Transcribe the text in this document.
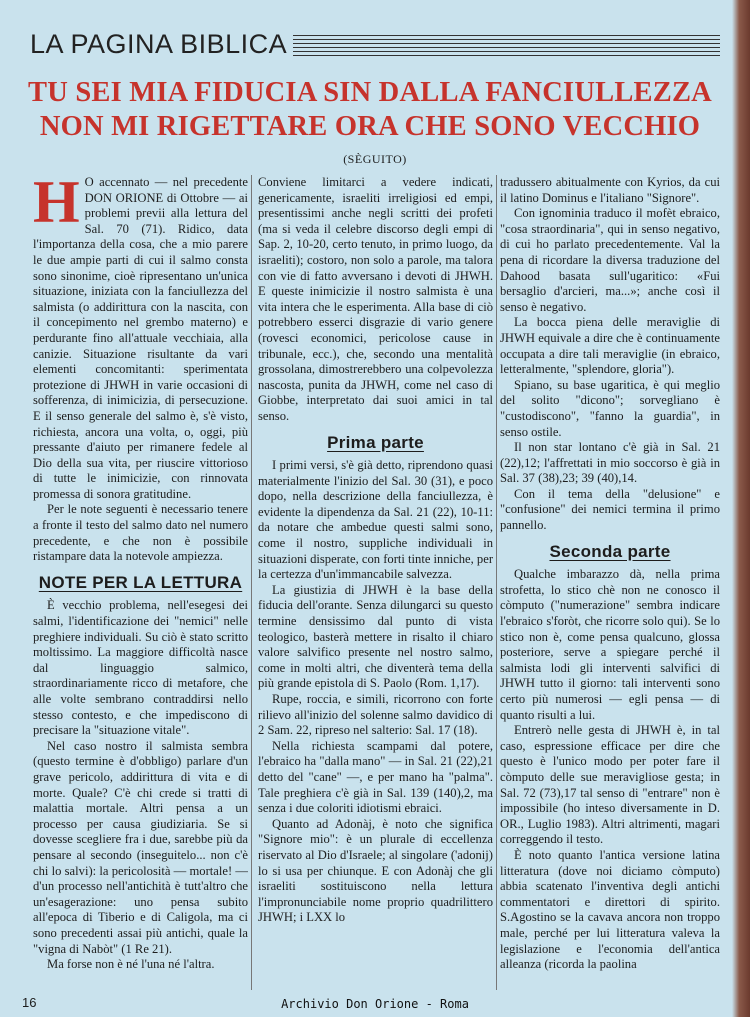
LA PAGINA BIBLICA
TU SEI MIA FIDUCIA SIN DALLA FANCIULLEZZA
NON MI RIGETTARE ORA CHE SONO VECCHIO
(SÈGUITO)

H O accennato — nel precedente DON ORIONE di Ottobre — ai problemi previi alla lettura del Sal. 70 (71). Ridico, data l'importanza della cosa, che a mio parere le due ampie parti di cui il salmo consta sono sinonime, cioè ripresentano un'unica situazione, iniziata con la fanciullezza del salmista (o addirittura con la nascita, con il concepimento nel grembo materno) e perdurante fino all'attuale vecchiaia, alla canizie. Situazione risultante da vari elementi concomitanti: sperimentata protezione di JHWH in varie occasioni di sofferenza, di inimicizia, di persecuzione. E il senso generale del salmo è, s'è visto, richiesta, ancora una volta, o, oggi, più pressante d'aiuto per rimanere fedele al Dio della sua vita, per riuscire vittorioso di tutte le inimicizie, con rinnovata promessa di sonora gratitudine.

Per le note seguenti è necessario tenere a fronte il testo del salmo dato nel numero precedente, e che non è possibile ristampare data la notevole ampiezza.

NOTE PER LA LETTURA

È vecchio problema, nell'esegesi dei salmi, l'identificazione dei "nemici" nelle preghiere individuali. Su ciò è stato scritto moltissimo. La maggiore difficoltà nasce dal linguaggio salmico, straordinariamente ricco di metafore, che alle volte sembrano contraddirsi nello stesso contesto, e che impediscono di precisare la "situazione vitale".

Nel caso nostro il salmista sembra (questo termine è d'obbligo) parlare d'un grave pericolo, addirittura di vita e di morte. Quale? C'è chi crede si tratti di malattia mortale. Altri pensa a un processo per causa giudiziaria. Se si dovesse scegliere fra i due, sarebbe più da pensare al secondo (inseguitelo... non c'è chi lo salvi): la pericolosità — mortale! — d'un processo nell'antichità è tutt'altro che un'esagerazione: uno pensa subito all'epoca di Tiberio e di Caligola, ma ci sono precedenti assai più antichi, quale la "vigna di Nabòt" (1 Re 21).

Ma forse non è né l'una né l'altra.

Conviene limitarci a vedere indicati, genericamente, israeliti irreligiosi ed empi, presentissimi anche negli scritti dei profeti (ma si veda il celebre discorso degli empi di Sap. 2, 10-20, certo tenuto, in primo luogo, da israeliti); costoro, non solo a parole, ma talora con vie di fatto avversano i devoti di JHWH. E queste inimicizie il nostro salmista è una vita intera che le esperimenta. Alla base di ciò potrebbero esserci disgrazie di vario genere (rovesci economici, pericolose cause in tribunale, ecc.), che, secondo una mentalità grossolana, dimostrerebbero una colpevolezza nascosta, punita da JHWH, come nel caso di Giobbe, interpretato dai suoi amici in tal senso.

Prima parte

I primi versi, s'è già detto, riprendono quasi materialmente l'inizio del Sal. 30 (31), e poco dopo, nella descrizione della fanciullezza, è evidente la dipendenza da Sal. 21 (22), 10-11: da notare che ambedue questi salmi sono, come il nostro, suppliche individuali in situazioni disperate, con forti tinte inniche, per la certezza d'un'immancabile salvezza.

La giustizia di JHWH è la base della fiducia dell'orante. Senza dilungarci su questo termine densissimo dal punto di vista teologico, basterà mettere in risalto il chiaro valore salvifico presente nel nostro salmo, come in molti altri, che diventerà tema della più grande epistola di S. Paolo (Rom. 1,17).

Rupe, roccia, e simili, ricorrono con forte rilievo all'inizio del solenne salmo davidico di 2 Sam. 22, ripreso nel salterio: Sal. 17 (18).

Nella richiesta scampami dal potere, l'ebraico ha "dalla mano" — in Sal. 21 (22),21 detto del "cane" —, e per mano ha "palma". Tale preghiera c'è già in Sal. 139 (140),2, ma senza i due coloriti idiotismi ebraici.

Quanto ad Adonàj, è noto che significa "Signore mio": è un plurale di eccellenza riservato al Dio d'Israele; al singolare ('adonij) lo si usa per chiunque. E con Adonàj che gli israeliti sostituiscono nella lettura l'impronunciabile nome proprio quadrilittero JHWH; i LXX lo

tradussero abitualmente con Kyrios, da cui il latino Dominus e l'italiano "Signore".

Con ignominia traduco il mofèt ebraico, "cosa straordinaria", qui in senso negativo, di cui ho parlato precedentemente. Val la pena di ricordare la diversa traduzione del Dahood basata sull'ugaritico: «Fui bersaglio d'arcieri, ma...»; anche così il senso è negativo.

La bocca piena delle meraviglie di JHWH equivale a dire che è continuamente occupata a dire tali meraviglie (in ebraico, letteralmente, "splendore, gloria").

Spiano, su base ugaritica, è qui meglio del solito "dicono"; sorvegliano è "custodiscono", "fanno la guardia", in senso ostile.

Il non star lontano c'è già in Sal. 21 (22),12; l'affrettati in mio soccorso è già in Sal. 37 (38),23; 39 (40),14.

Con il tema della "delusione" e "confusione" dei nemici termina il primo pannello.

Seconda parte

Qualche imbarazzo dà, nella prima strofetta, lo stico chè non ne conosco il còmputo ("numerazione" sembra indicare l'ebraico s'foròt, che ricorre solo qui). Se lo stico non è, come pensa qualcuno, glossa posteriore, serve a spiegare perché il salmista lodi gli interventi salvifici di JHWH tutto il giorno: tali interventi sono certo più numerosi — egli pensa — di quanto risulti a lui.

Entrerò nelle gesta di JHWH è, in tal caso, espressione efficace per dire che questo è l'unico modo per poter fare il còmputo delle sue meravigliose gesta; in Sal. 72 (73),17 tal senso di "entrare" non è impossibile (ho inteso diversamente in D. OR., Luglio 1983). Altri altrimenti, magari correggendo il testo.

È noto quanto l'antica versione latina litteratura (dove noi diciamo còmputo) abbia scatenato l'inventiva degli antichi commentatori e direttori di spirito. S.Agostino se la cavava ancora non troppo male, perché per lui litteratura valeva la legislazione e l'economia dell'antica alleanza (ricorda la paolina

16	Archivio Don Orione - Roma
